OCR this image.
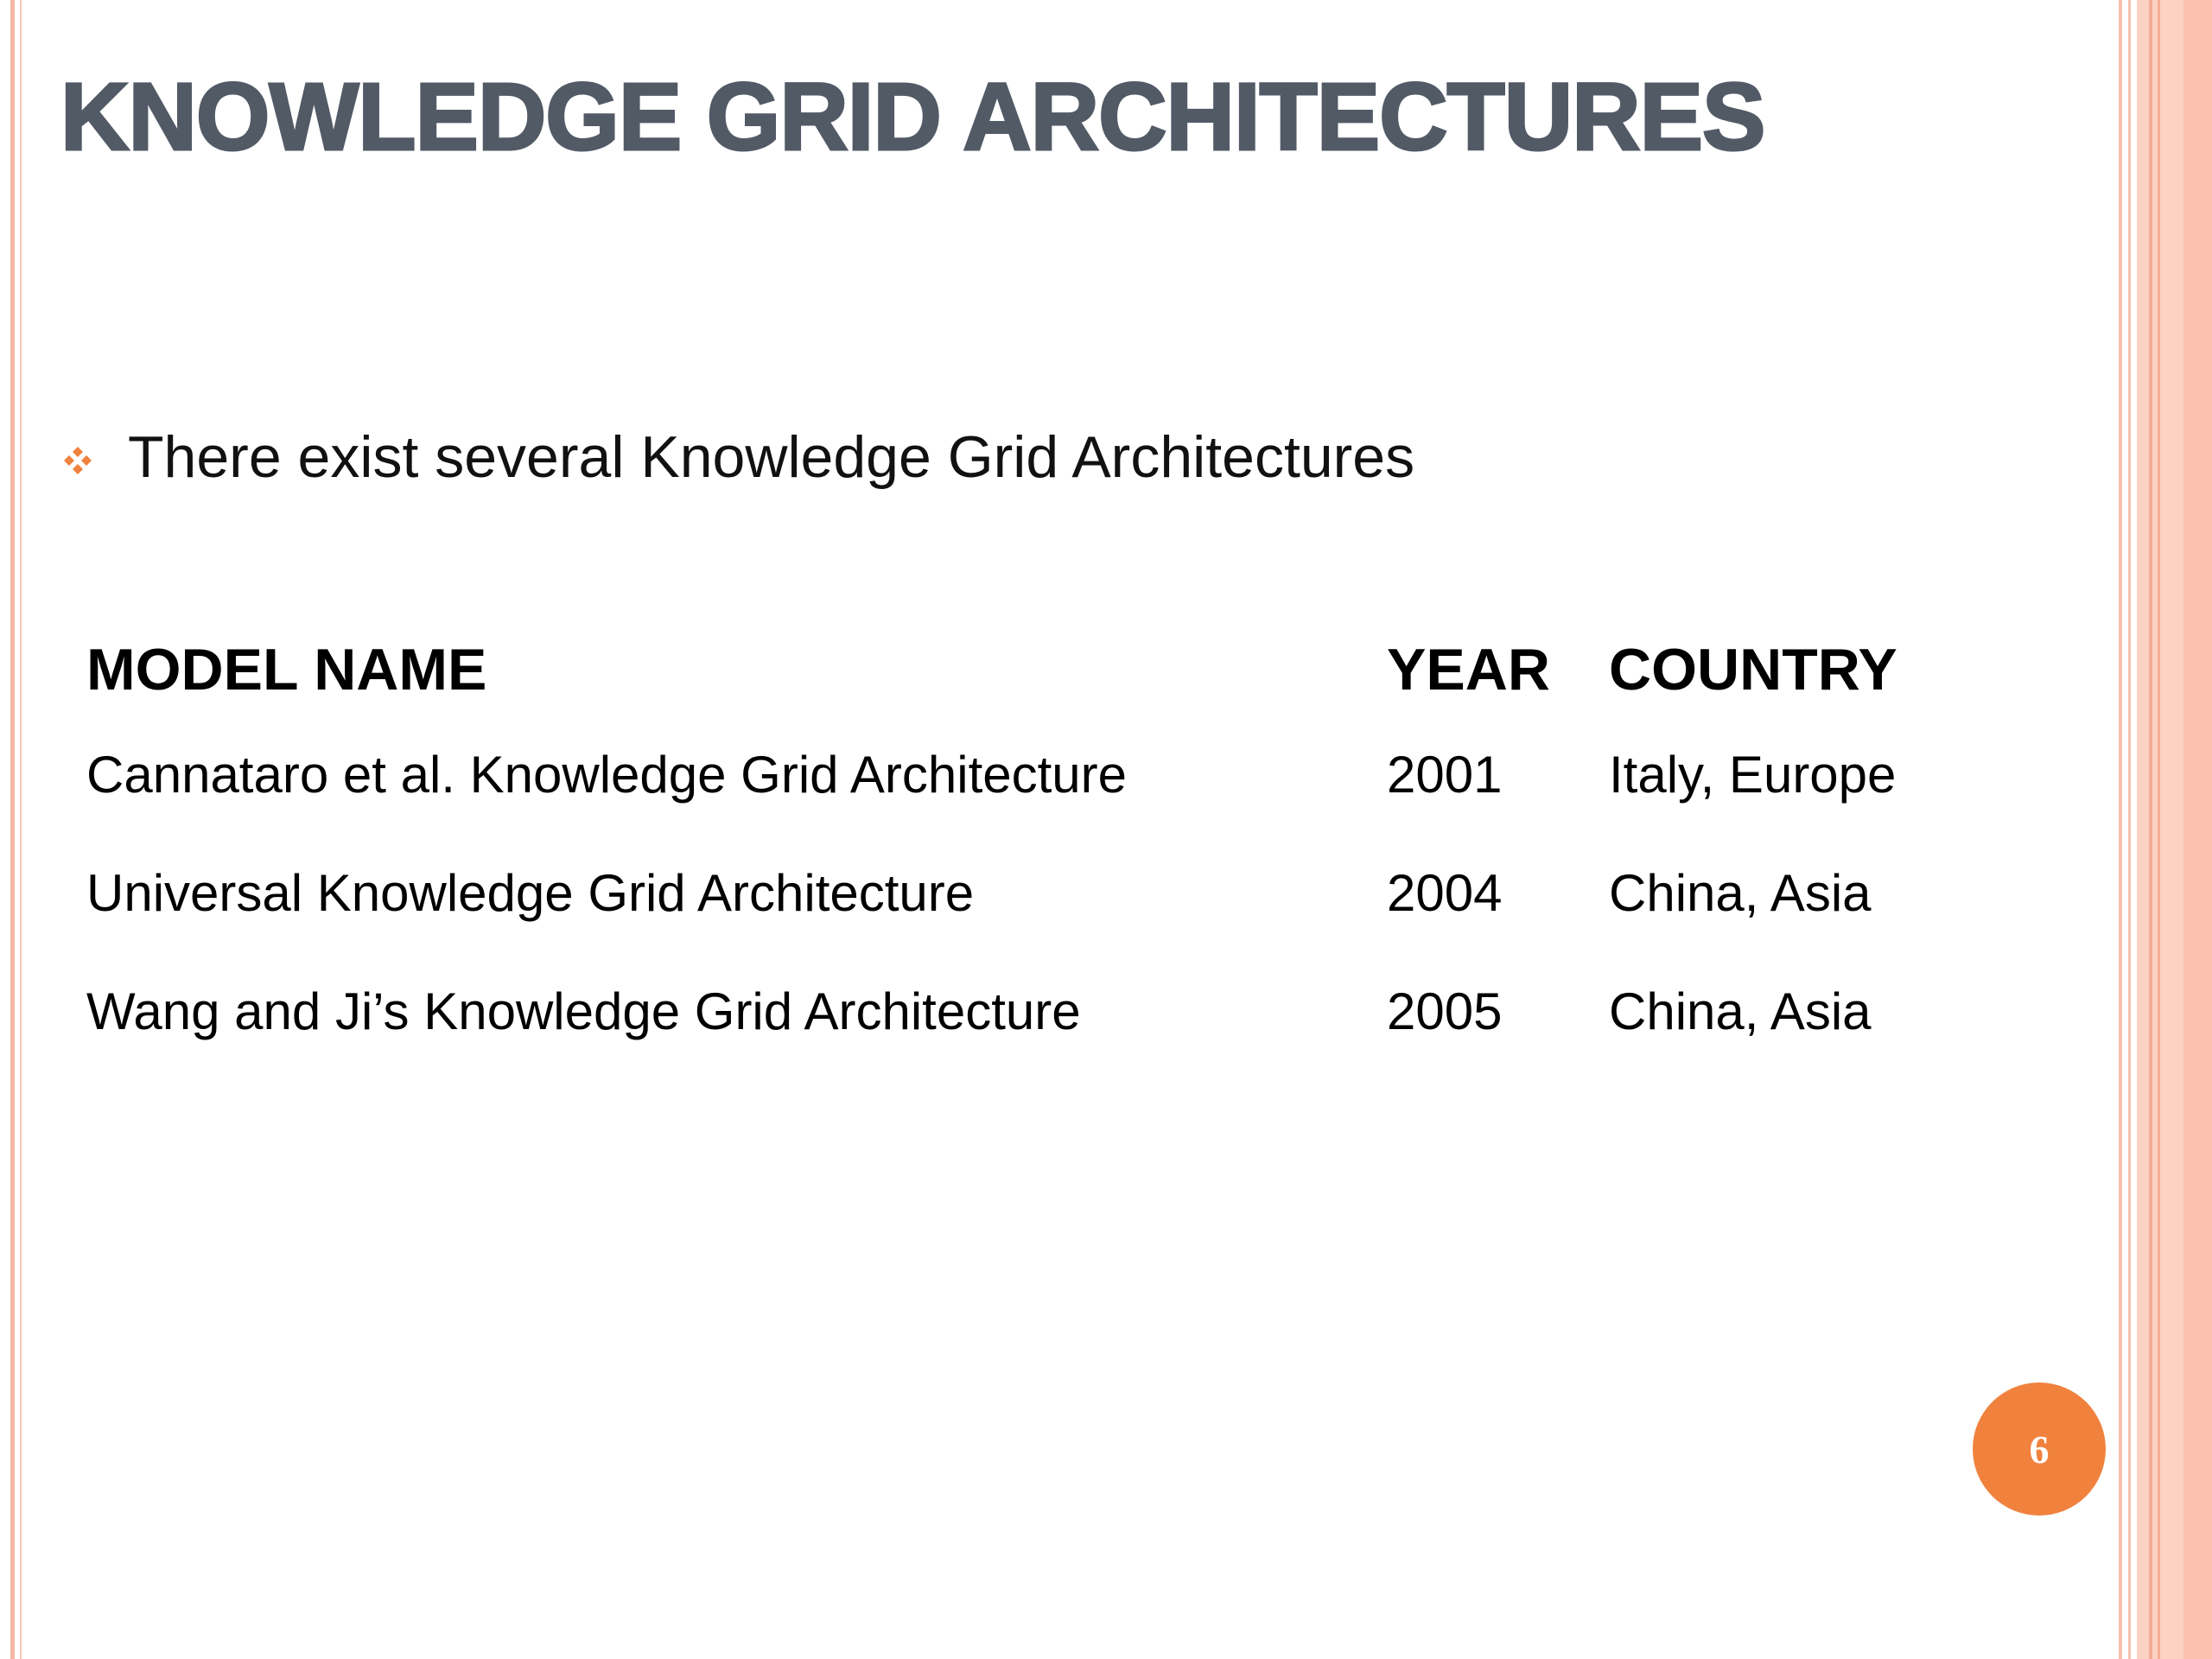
KNOWLEDGE GRID ARCHITECTURES
There exist several Knowledge Grid Architectures
MODEL NAME	YEAR	COUNTRY
Cannataro et al. Knowledge Grid Architecture	2001	Italy, Europe
Universal Knowledge Grid Architecture	2004	China, Asia
Wang and Ji’s Knowledge Grid Architecture	2005	China, Asia
6
